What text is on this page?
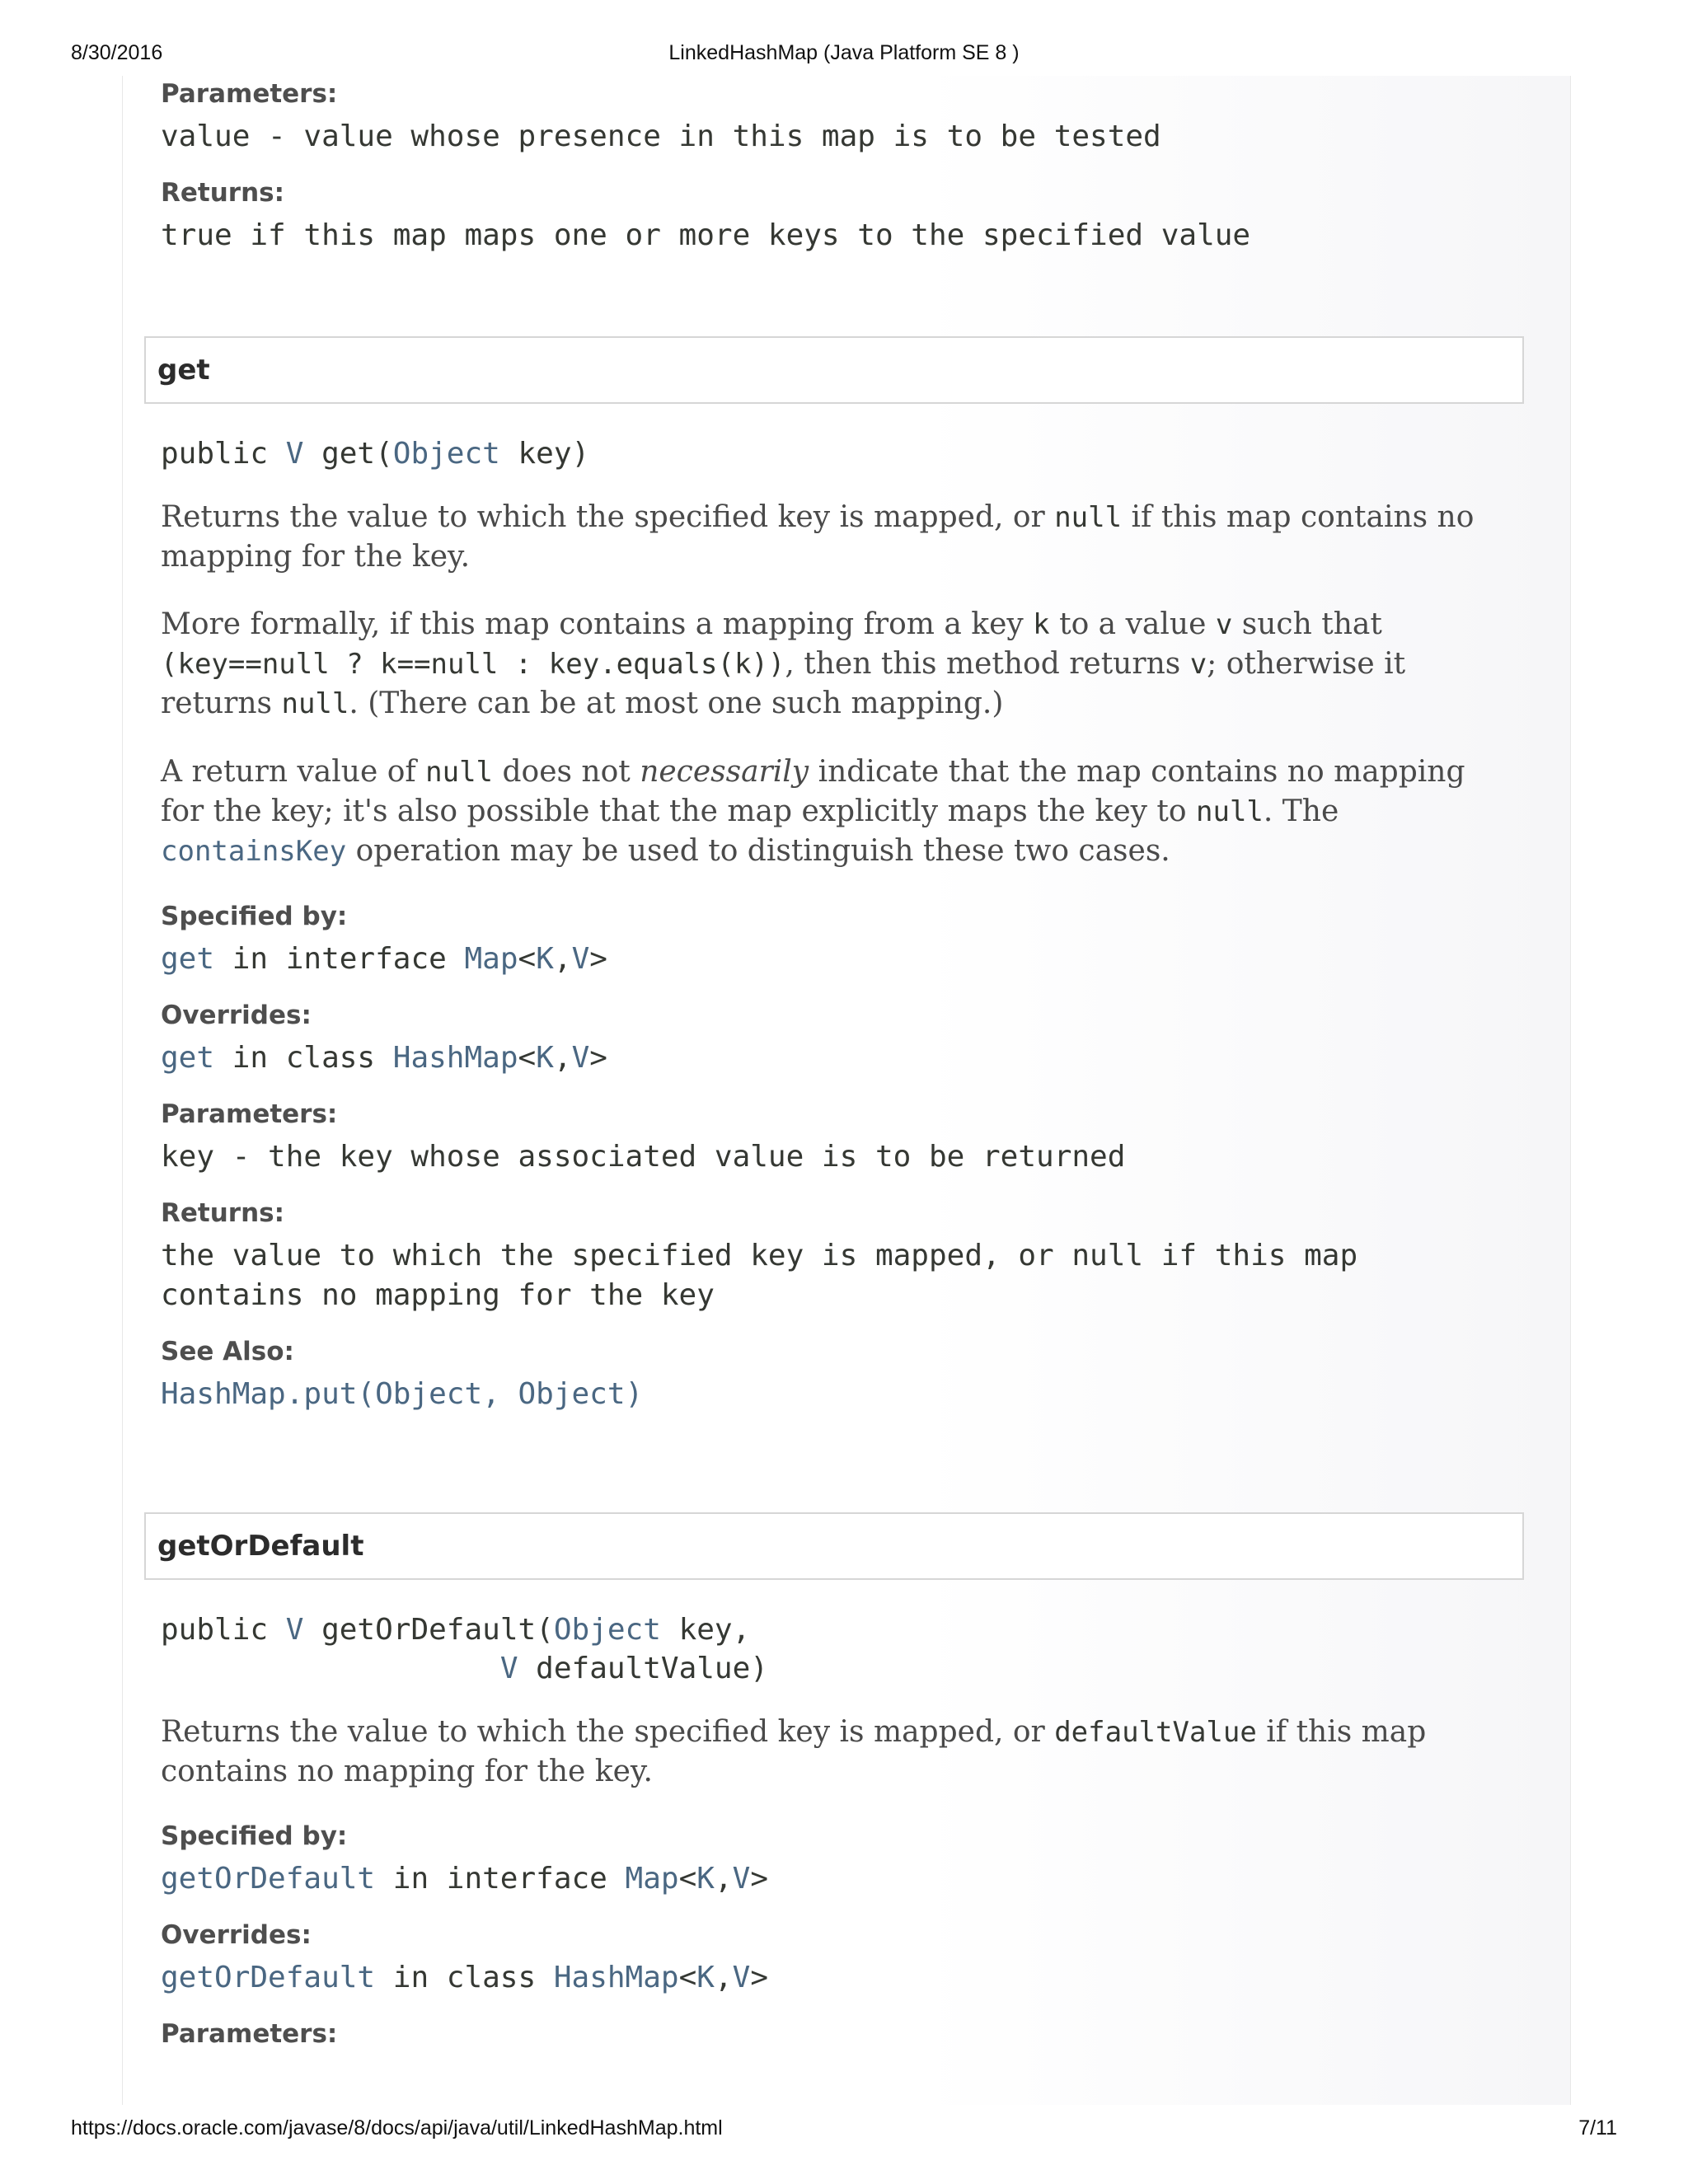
8/30/2016	LinkedHashMap (Java Platform SE 8 )
Parameters:
value - value whose presence in this map is to be tested
Returns:
true if this map maps one or more keys to the specified value
get
public V get(Object key)

Returns the value to which the specified key is mapped, or null if this map contains no mapping for the key.

More formally, if this map contains a mapping from a key k to a value v such that
(key==null ? k==null : key.equals(k)), then this method returns v; otherwise it returns null. (There can be at most one such mapping.)

A return value of null does not necessarily indicate that the map contains no mapping for the key; it's also possible that the map explicitly maps the key to null. The containsKey operation may be used to distinguish these two cases.

Specified by:
get in interface Map<K,V>
Overrides:
get in class HashMap<K,V>
Parameters:
key - the key whose associated value is to be returned
Returns:
the value to which the specified key is mapped, or null if this map contains no mapping for the key
See Also:
HashMap.put(Object, Object)
getOrDefault
public V getOrDefault(Object key,
V defaultValue)

Returns the value to which the specified key is mapped, or defaultValue if this map contains no mapping for the key.

Specified by:
getOrDefault in interface Map<K,V>
Overrides:
getOrDefault in class HashMap<K,V>
Parameters:
https://docs.oracle.com/javase/8/docs/api/java/util/LinkedHashMap.html	7/11
